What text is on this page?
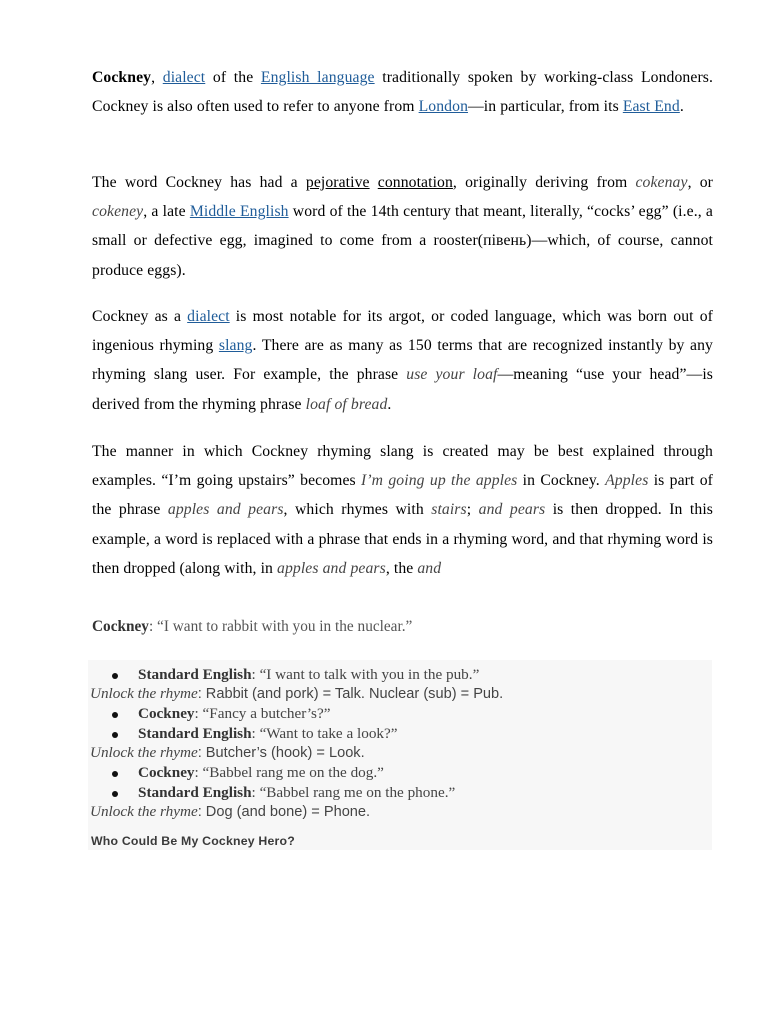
Cockney, dialect of the English language traditionally spoken by working-class Londoners. Cockney is also often used to refer to anyone from London—in particular, from its East End.

The word Cockney has had a pejorative connotation, originally deriving from cokenay, or cokeney, a late Middle English word of the 14th century that meant, literally, “cocks’ egg” (i.e., a small or defective egg, imagined to come from a rooster(півень)—which, of course, cannot produce eggs).

Cockney as a dialect is most notable for its argot, or coded language, which was born out of ingenious rhyming slang. There are as many as 150 terms that are recognized instantly by any rhyming slang user. For example, the phrase use your loaf—meaning “use your head”—is derived from the rhyming phrase loaf of bread.

The manner in which Cockney rhyming slang is created may be best explained through examples. “I’m going upstairs” becomes I’m going up the apples in Cockney. Apples is part of the phrase apples and pears, which rhymes with stairs; and pears is then dropped. In this example, a word is replaced with a phrase that ends in a rhyming word, and that rhyming word is then dropped (along with, in apples and pears, the and

Cockney: “I want to rabbit with you in the nuclear.”
Who Could Be My Cockney Hero?
Standard English: “I want to talk with you in the pub.”
Unlock the rhyme: Rabbit (and pork) = Talk. Nuclear (sub) = Pub.
Cockney: “Fancy a butcher’s?”
Standard English: “Want to take a look?”
Unlock the rhyme: Butcher’s (hook) = Look.
Cockney: “Babbel rang me on the dog.”
Standard English: “Babbel rang me on the phone.”
Unlock the rhyme: Dog (and bone) = Phone.
